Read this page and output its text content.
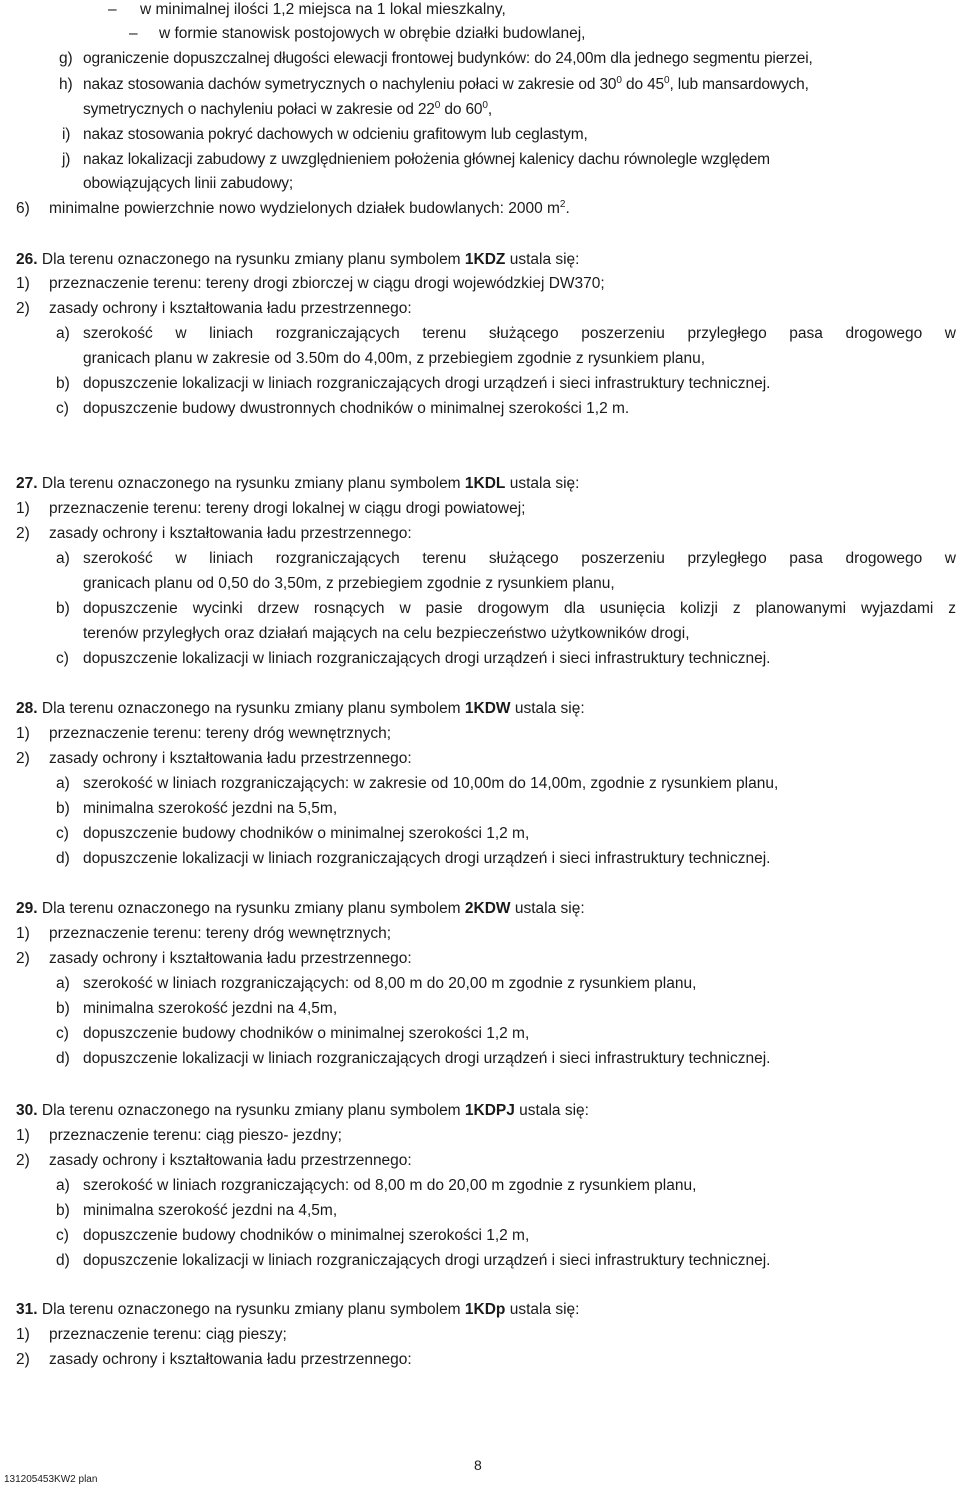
– w minimalnej ilości 1,2 miejsca na 1 lokal mieszkalny,
– w formie stanowisk postojowych w obrębie działki budowlanej,
g) ograniczenie dopuszczalnej długości elewacji frontowej budynków: do 24,00m dla jednego segmentu pierzei,
h) nakaz stosowania dachów symetrycznych o nachyleniu połaci w zakresie od $30^0$ do $45^0$, lub mansardowych,
symetrycznych o nachyleniu połaci w zakresie od $22^0$ do $60^0$,
i) nakaz stosowania pokryć dachowych w odcieniu grafitowym lub ceglastym,
j) nakaz lokalizacji zabudowy z uwzględnieniem położenia głównej kalenicy dachu równolegle względem
obowiązujących linii zabudowy;
6) minimalne powierzchnie nowo wydzielonych działek budowlanych: 2000 $m^2$.
26. Dla terenu oznaczonego na rysunku zmiany planu symbolem 1KDZ ustala się:
1) przeznaczenie terenu: tereny drogi zbiorczej w ciągu drogi wojewódzkiej DW370;
2) zasady ochrony i kształtowania ładu przestrzennego:
a) szerokość w liniach rozgraniczających terenu służącego poszerzeniu przyległego pasa drogowego w
granicach planu w zakresie od 3.50m do 4,00m, z przebiegiem zgodnie z rysunkiem planu,
b) dopuszczenie lokalizacji w liniach rozgraniczających drogi urządzeń i sieci infrastruktury technicznej.
c) dopuszczenie budowy dwustronnych chodników o minimalnej szerokości 1,2 m.
27. Dla terenu oznaczonego na rysunku zmiany planu symbolem 1KDL ustala się:
1) przeznaczenie terenu: tereny drogi lokalnej w ciągu drogi powiatowej;
2) zasady ochrony i kształtowania ładu przestrzennego:
a) szerokość w liniach rozgraniczających terenu służącego poszerzeniu przyległego pasa drogowego w
granicach planu od 0,50 do 3,50m, z przebiegiem zgodnie z rysunkiem planu,
b) dopuszczenie wycinki drzew rosnących w pasie drogowym dla usunięcia kolizji z planowanymi wyjazdami z
terenów przyległych oraz działań mających na celu bezpieczeństwo użytkowników drogi,
c) dopuszczenie lokalizacji w liniach rozgraniczających drogi urządzeń i sieci infrastruktury technicznej.
28. Dla terenu oznaczonego na rysunku zmiany planu symbolem 1KDW ustala się:
1) przeznaczenie terenu: tereny dróg wewnętrznych;
2) zasady ochrony i kształtowania ładu przestrzennego:
a) szerokość w liniach rozgraniczających: w zakresie od 10,00m do 14,00m, zgodnie z rysunkiem planu,
b) minimalna szerokość jezdni na 5,5m,
c) dopuszczenie budowy chodników o minimalnej szerokości 1,2 m,
d) dopuszczenie lokalizacji w liniach rozgraniczających drogi urządzeń i sieci infrastruktury technicznej.
29. Dla terenu oznaczonego na rysunku zmiany planu symbolem 2KDW ustala się:
1) przeznaczenie terenu: tereny dróg wewnętrznych;
2) zasady ochrony i kształtowania ładu przestrzennego:
a) szerokość w liniach rozgraniczających: od 8,00 m do 20,00 m zgodnie z rysunkiem planu,
b) minimalna szerokość jezdni na 4,5m,
c) dopuszczenie budowy chodników o minimalnej szerokości 1,2 m,
d) dopuszczenie lokalizacji w liniach rozgraniczających drogi urządzeń i sieci infrastruktury technicznej.
30. Dla terenu oznaczonego na rysunku zmiany planu symbolem 1KDPJ ustala się:
1) przeznaczenie terenu: ciąg pieszo- jezdny;
2) zasady ochrony i kształtowania ładu przestrzennego:
a) szerokość w liniach rozgraniczających: od 8,00 m do 20,00 m zgodnie z rysunkiem planu,
b) minimalna szerokość jezdni na 4,5m,
c) dopuszczenie budowy chodników o minimalnej szerokości 1,2 m,
d) dopuszczenie lokalizacji w liniach rozgraniczających drogi urządzeń i sieci infrastruktury technicznej.
31. Dla terenu oznaczonego na rysunku zmiany planu symbolem 1KDp ustala się:
1) przeznaczenie terenu: ciąg pieszy;
2) zasady ochrony i kształtowania ładu przestrzennego:
8
131205453KW2 plan
